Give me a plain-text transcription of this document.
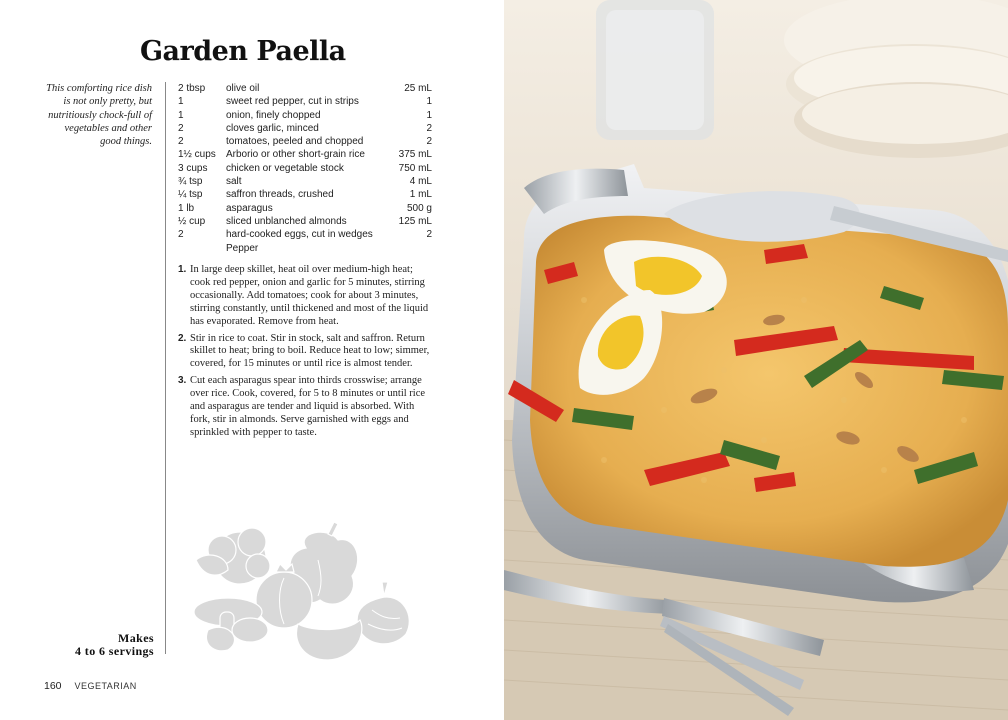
Garden Paella
This comforting rice dish is not only pretty, but nutritiously chock-full of vegetables and other good things.
2 tbsp	olive oil	25 mL
1	sweet red pepper, cut in strips	1
1	onion, finely chopped	1
2	cloves garlic, minced	2
2	tomatoes, peeled and chopped	2
1½ cups	Arborio or other short-grain rice	375 mL
3 cups	chicken or vegetable stock	750 mL
¾ tsp	salt	4 mL
¼ tsp	saffron threads, crushed	1 mL
1 lb	asparagus	500 g
½ cup	sliced unblanched almonds	125 mL
2	hard-cooked eggs, cut in wedges	2
	Pepper	
1. In large deep skillet, heat oil over medium-high heat; cook red pepper, onion and garlic for 5 minutes, stirring occasionally. Add tomatoes; cook for about 3 minutes, stirring constantly, until thickened and most of the liquid has evaporated. Remove from heat.
2. Stir in rice to coat. Stir in stock, salt and saffron. Return skillet to heat; bring to boil. Reduce heat to low; simmer, covered, for 15 minutes or until rice is almost tender.
3. Cut each asparagus spear into thirds crosswise; arrange over rice. Cook, covered, for 5 to 8 minutes or until rice and asparagus are tender and liquid is absorbed. With fork, stir in almonds. Serve garnished with eggs and sprinkled with pepper to taste.
Makes
4 to 6 servings
160 VEGETARIAN
